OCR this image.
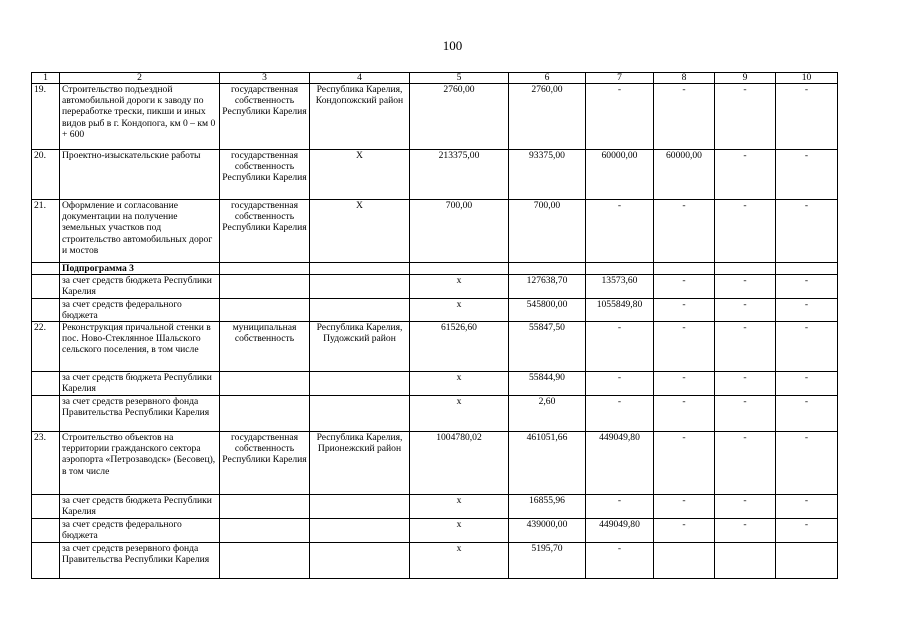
100
1	2	3	4	5	6	7	8	9	10
19.	Строительство подъездной автомобильной дороги к заводу по переработке трески, пикши и иных видов рыб в г. Кондопога, км 0 – км 0 + 600	государственная собственность Республики Карелия	Республика Карелия, Кондопожский район	2760,00	2760,00	-	-	-	-
20.	Проектно-изыскательские работы	государственная собственность Республики Карелия	Х	213375,00	93375,00	60000,00	60000,00	-	-
21.	Оформление и согласование документации на получение земельных участков под строительство автомобильных дорог и мостов	государственная собственность Республики Карелия	Х	700,00	700,00	-	-	-	-
	Подпрограмма 3								
	за счет средств бюджета Республики Карелия			х	127638,70	13573,60	-	-	-
	за счет средств федерального бюджета			х	545800,00	1055849,80	-	-	-
22.	Реконструкция причальной стенки в пос. Ново-Стеклянное Шальского сельского поселения, в том числе	муниципальная собственность	Республика Карелия, Пудожский район	61526,60	55847,50	-	-	-	-
	за счет средств бюджета Республики Карелия			х	55844,90	-	-	-	-
	за счет средств резервного фонда Правительства Республики Карелия			х	2,60	-	-	-	-
23.	Строительство объектов на территории гражданского сектора аэропорта «Петрозаводск» (Бесовец), в том числе	государственная собственность Республики Карелия	Республика Карелия, Прионежский район	1004780,02	461051,66	449049,80	-	-	-
	за счет средств бюджета Республики Карелия			х	16855,96	-	-	-	-
	за счет средств федерального бюджета			х	439000,00	449049,80	-	-	-
	за счет средств резервного фонда Правительства Республики Карелия			х	5195,70	-			
